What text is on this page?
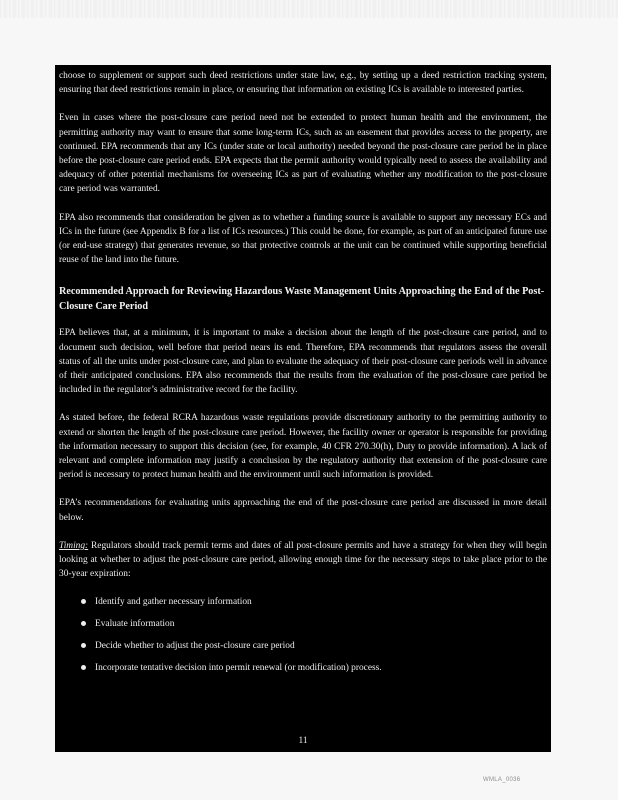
choose to supplement or support such deed restrictions under state law, e.g., by setting up a deed restriction tracking system, ensuring that deed restrictions remain in place, or ensuring that information on existing ICs is available to interested parties.

Even in cases where the post-closure care period need not be extended to protect human health and the environment, the permitting authority may want to ensure that some long-term ICs, such as an easement that provides access to the property, are continued. EPA recommends that any ICs (under state or local authority) needed beyond the post-closure care period be in place before the post-closure care period ends. EPA expects that the permit authority would typically need to assess the availability and adequacy of other potential mechanisms for overseeing ICs as part of evaluating whether any modification to the post-closure care period was warranted.

EPA also recommends that consideration be given as to whether a funding source is available to support any necessary ECs and ICs in the future (see Appendix B for a list of ICs resources.) This could be done, for example, as part of an anticipated future use (or end-use strategy) that generates revenue, so that protective controls at the unit can be continued while supporting beneficial reuse of the land into the future.

Recommended Approach for Reviewing Hazardous Waste Management Units Approaching the End of the Post-Closure Care Period

EPA believes that, at a minimum, it is important to make a decision about the length of the post-closure care period, and to document such decision, well before that period nears its end. Therefore, EPA recommends that regulators assess the overall status of all the units under post-closure care, and plan to evaluate the adequacy of their post-closure care periods well in advance of their anticipated conclusions. EPA also recommends that the results from the evaluation of the post-closure care period be included in the regulator’s administrative record for the facility.

As stated before, the federal RCRA hazardous waste regulations provide discretionary authority to the permitting authority to extend or shorten the length of the post-closure care period. However, the facility owner or operator is responsible for providing the information necessary to support this decision (see, for example, 40 CFR 270.30(h), Duty to provide information). A lack of relevant and complete information may justify a conclusion by the regulatory authority that extension of the post-closure care period is necessary to protect human health and the environment until such information is provided.

EPA’s recommendations for evaluating units approaching the end of the post-closure care period are discussed in more detail below.

Timing: Regulators should track permit terms and dates of all post-closure permits and have a strategy for when they will begin looking at whether to adjust the post-closure care period, allowing enough time for the necessary steps to take place prior to the 30-year expiration:

Identify and gather necessary information
Evaluate information
Decide whether to adjust the post-closure care period
Incorporate tentative decision into permit renewal (or modification) process.
11
WMLA_0036
